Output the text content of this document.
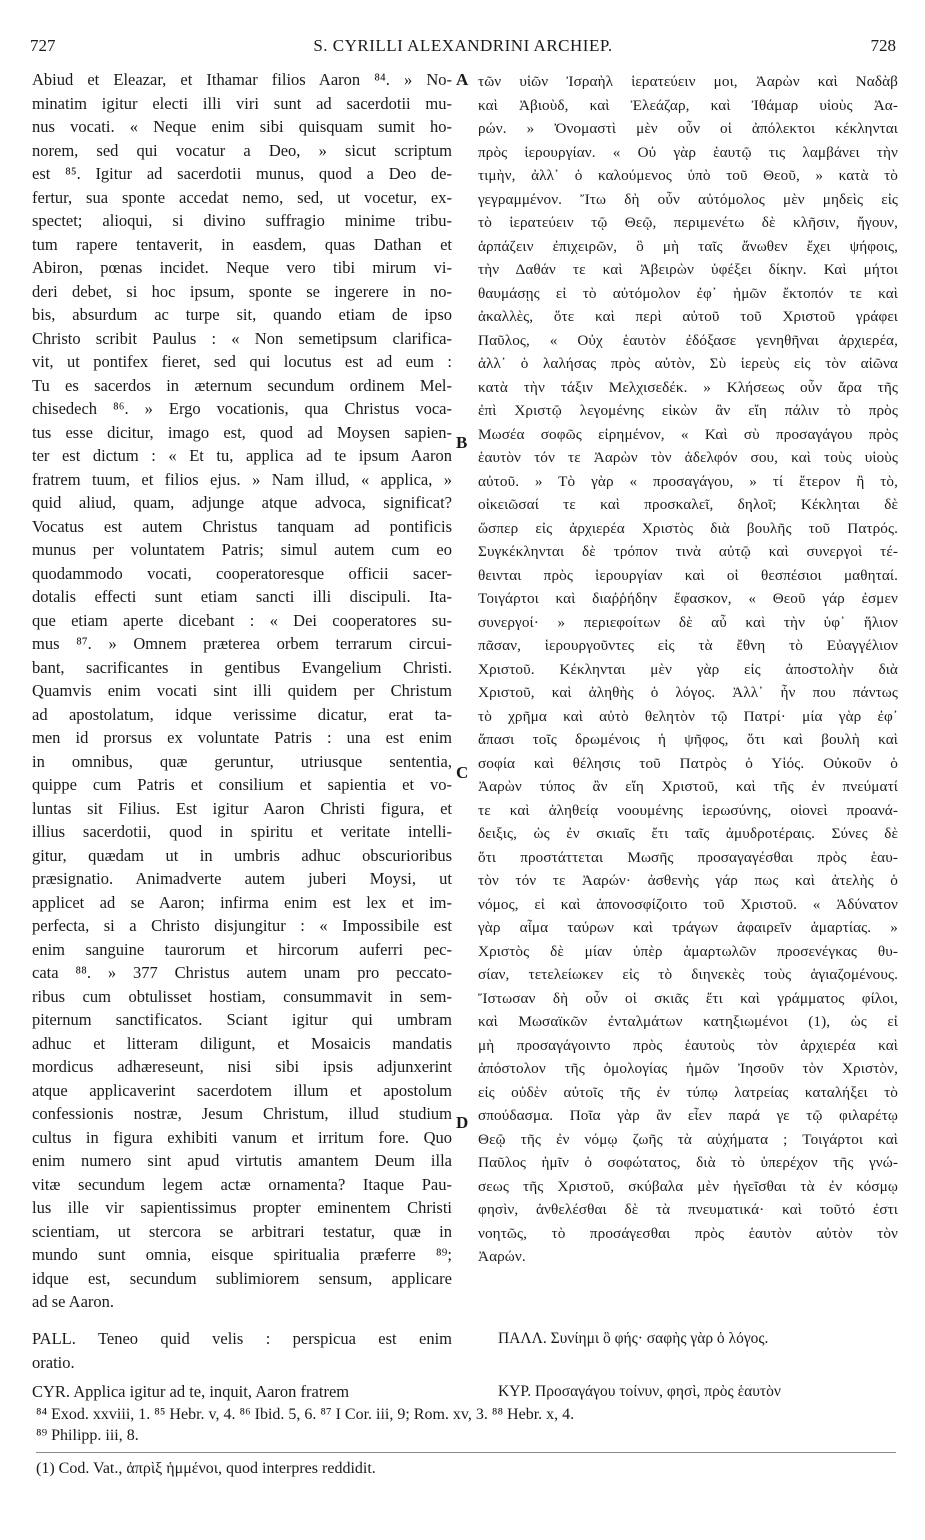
727	S. CYRILLI ALEXANDRINI ARCHIEP.	728
Abiud et Eleazar, et Ithamar filios Aaron ⁸⁴. » No-
minatim igitur electi illi viri sunt ad sacerdotii mu-
nus vocati. « Neque enim sibi quisquam sumit ho-
norem, sed qui vocatur a Deo, » sicut scriptum
est ⁸⁵. Igitur ad sacerdotii munus, quod a Deo de-
fertur, sua sponte accedat nemo, sed, ut vocetur, ex-
spectet; alioqui, si divino suffragio minime tribu-
tum rapere tentaverit, in easdem, quas Dathan et
Abiron, pœnas incidet. Neque vero tibi mirum vi-
deri debet, si hoc ipsum, sponte se ingerere in no-
bis, absurdum ac turpe sit, quando etiam de ipso
Christo scribit Paulus : « Non semetipsum clarifica-
vit, ut pontifex fieret, sed qui locutus est ad eum :
Tu es sacerdos in æternum secundum ordinem Mel-
chisedech ⁸⁶. » Ergo vocationis, qua Christus voca-
tus esse dicitur, imago est, quod ad Moysen sapien-
ter est dictum : « Et tu, applica ad te ipsum Aaron
fratrem tuum, et filios ejus. » Nam illud, « applica, »
quid aliud, quam, adjunge atque advoca, significat?
Vocatus est autem Christus tanquam ad pontificis
munus per voluntatem Patris; simul autem cum eo
quodammodo vocati, cooperatoresque officii sacer-
dotalis effecti sunt etiam sancti illi discipuli. Ita-
que etiam aperte dicebant : « Dei cooperatores su-
mus ⁸⁷. » Omnem præterea orbem terrarum circui-
bant, sacrificantes in gentibus Evangelium Christi.
Quamvis enim vocati sint illi quidem per Christum
ad apostolatum, idque verissime dicatur, erat ta-
men id prorsus ex voluntate Patris : una est enim
in omnibus, quæ geruntur, utriusque sententia,
quippe cum Patris et consilium et sapientia et vo-
luntas sit Filius. Est igitur Aaron Christi figura, et
illius sacerdotii, quod in spiritu et veritate intelli-
gitur, quædam ut in umbris adhuc obscurioribus
præsignatio. Animadverte autem juberi Moysi, ut
applicet ad se Aaron; infirma enim est lex et im-
perfecta, si a Christo disjungitur : « Impossibile est
enim sanguine taurorum et hircorum auferri pec-
cata ⁸⁸. » 377 Christus autem unam pro peccato-
ribus cum obtulisset hostiam, consummavit in sem-
piternum sanctificatos. Sciant igitur qui umbram
adhuc et litteram diligunt, et Mosaicis mandatis
mordicus adhæreseunt, nisi sibi ipsis adjunxerint
atque applicaverint sacerdotem illum et apostolum
confessionis nostræ, Jesum Christum, illud studium
cultus in figura exhibiti vanum et irritum fore. Quo
enim numero sint apud virtutis amantem Deum illa
vitæ secundum legem actæ ornamenta? Itaque Pau-
lus ille vir sapientissimus propter eminentem Christi
scientiam, ut stercora se arbitrari testatur, quæ in
mundo sunt omnia, eisque spiritualia præferre ⁸⁹;
idque est, secundum sublimiorem sensum, applicare
ad se Aaron.
τῶν υἱῶν Ἰσραὴλ ἱερατεύειν μοι, Ἀαρὼν καὶ Ναδὰβ
καὶ Ἀβιοὺδ, καὶ Ἐλεάζαρ, καὶ Ἰθάμαρ υἱοὺς Ἀα-
ρών. » Ὀνομαστὶ μὲν οὖν οἱ ἀπόλεκτοι κέκληνται
πρὸς ἱερουργίαν. « Οὐ γὰρ ἑαυτῷ τις λαμβάνει τὴν
τιμὴν, ἀλλ᾽ ὁ καλούμενος ὑπὸ τοῦ Θεοῦ, » κατὰ τὸ
γεγραμμένον. Ἴτω δὴ οὖν αὐτόμολος μὲν μηδεὶς εἰς
τὸ ἱερατεύειν τῷ Θεῷ, περιμενέτω δὲ κλῆσιν, ἤγουν,
ἁρπάζειν ἐπιχειρῶν, ὃ μὴ ταῖς ἄνωθεν ἔχει ψήφοις,
τὴν Δαθάν τε καὶ Ἀβειρὼν ὑφέξει δίκην. Καὶ μήτοι
θαυμάσῃς εἰ τὸ αὐτόμολον ἐφ᾽ ἡμῶν ἔκτοπόν τε καὶ
ἀκαλλὲς, ὅτε καὶ περὶ αὐτοῦ τοῦ Χριστοῦ γράφει
Παῦλος, « Οὐχ ἑαυτὸν ἐδόξασε γενηθῆναι ἀρχιερέα,
ἀλλ᾽ ὁ λαλήσας πρὸς αὐτὸν, Σὺ ἱερεὺς εἰς τὸν αἰῶνα
κατὰ τὴν τάξιν Μελχισεδέκ. » Κλήσεως οὖν ἄρα τῆς
ἐπὶ Χριστῷ λεγομένης εἰκὼν ἂν εἴη πάλιν τὸ πρὸς
Μωσέα σοφῶς εἰρημένον, « Καὶ σὺ προσαγάγου πρὸς
ἑαυτὸν τόν τε Ἀαρὼν τὸν ἀδελφόν σου, καὶ τοὺς υἱοὺς
αὐτοῦ. » Τὸ γὰρ « προσαγάγου, » τί ἕτερον ἢ τὸ,
οἰκειῶσαί τε καὶ προσκαλεῖ, δηλοῖ; Κέκληται δὲ
ὥσπερ εἰς ἀρχιερέα Χριστὸς διὰ βουλῆς τοῦ Πατρός.
Συγκέκληνται δὲ τρόπον τινὰ αὐτῷ καὶ συνεργοὶ τέ-
θεινται πρὸς ἱερουργίαν καὶ οἱ θεσπέσιοι μαθηταί.
Τοιγάρτοι καὶ διαῤῥήδην ἔφασκον, « Θεοῦ γάρ ἐσμεν
συνεργοί· » περιεφοίτων δὲ αὖ καὶ τὴν ὑφ᾽ ἥλιον
πᾶσαν, ἱερουργοῦντες εἰς τὰ ἔθνη τὸ Εὐαγγέλιον
Χριστοῦ. Κέκληνται μὲν γὰρ εἰς ἀποστολὴν διὰ
Χριστοῦ, καὶ ἀληθὴς ὁ λόγος. Ἀλλ᾽ ἦν που πάντως
τὸ χρῆμα καὶ αὐτὸ θελητὸν τῷ Πατρί· μία γὰρ ἐφ᾽
ἅπασι τοῖς δρωμένοις ἡ ψῆφος, ὅτι καὶ βουλὴ καὶ
σοφία καὶ θέλησις τοῦ Πατρὸς ὁ Υἱός. Οὐκοῦν ὁ
Ἀαρὼν τύπος ἂν εἴη Χριστοῦ, καὶ τῆς ἐν πνεύματί
τε καὶ ἀληθείᾳ νοουμένης ἱερωσύνης, οἱονεὶ προανά-
δειξις, ὡς ἐν σκιαῖς ἔτι ταῖς ἀμυδροτέραις. Σύνες δὲ
ὅτι προστάττεται Μωσῆς προσαγαγέσθαι πρὸς ἑαυ-
τὸν τόν τε Ἀαρών· ἀσθενὴς γάρ πως καὶ ἀτελὴς ὁ
νόμος, εἰ καὶ ἀπονοσφίζοιτο τοῦ Χριστοῦ. « Ἀδύνατον
γὰρ αἷμα ταύρων καὶ τράγων ἀφαιρεῖν ἁμαρτίας. »
Χριστὸς δὲ μίαν ὑπὲρ ἁμαρτωλῶν προσενέγκας θυ-
σίαν, τετελείωκεν εἰς τὸ διηνεκὲς τοὺς ἁγιαζομένους.
Ἴστωσαν δὴ οὖν οἱ σκιᾶς ἔτι καὶ γράμματος φίλοι,
καὶ Μωσαϊκῶν ἐνταλμάτων κατηξιωμένοι (1), ὡς εἰ
μὴ προσαγάγοιντο πρὸς ἑαυτοὺς τὸν ἀρχιερέα καὶ
ἀπόστολον τῆς ὁμολογίας ἡμῶν Ἰησοῦν τὸν Χριστὸν,
εἰς οὐδὲν αὐτοῖς τῆς ἐν τύπῳ λατρείας καταλήξει τὸ
σπούδασμα. Ποῖα γὰρ ἂν εἶεν παρά γε τῷ φιλαρέτῳ
Θεῷ τῆς ἐν νόμῳ ζωῆς τὰ αὐχήματα ; Τοιγάρτοι καὶ
Παῦλος ἡμῖν ὁ σοφώτατος, διὰ τὸ ὑπερέχον τῆς γνώ-
σεως τῆς Χριστοῦ, σκύβαλα μὲν ἡγεῖσθαι τὰ ἐν κόσμῳ
φησὶν, ἀνθελέσθαι δὲ τὰ πνευματικά· καὶ τοῦτό ἐστι
νοητῶς, τὸ προσάγεσθαι πρὸς ἑαυτὸν αὐτὸν τὸν
Ἀαρών.
A
B
C
D
PALL. Teneo quid velis : perspicua est enim
oratio.
CYR. Applica igitur ad te, inquit, Aaron fratrem
ΠΑΛΛ. Συνίημι ὃ φής· σαφὴς γὰρ ὁ λόγος.
ΚΥΡ. Προσαγάγου τοίνυν, φησὶ, πρὸς ἑαυτὸν
⁸⁴ Exod. xxviii, 1. ⁸⁵ Hebr. v, 4. ⁸⁶ Ibid. 5, 6. ⁸⁷ I Cor. iii, 9; Rom. xv, 3. ⁸⁸ Hebr. x, 4.
⁸⁹ Philipp. iii, 8.
(1) Cod. Vat., ἀπρὶξ ἡμμένοι, quod interpres reddidit.
